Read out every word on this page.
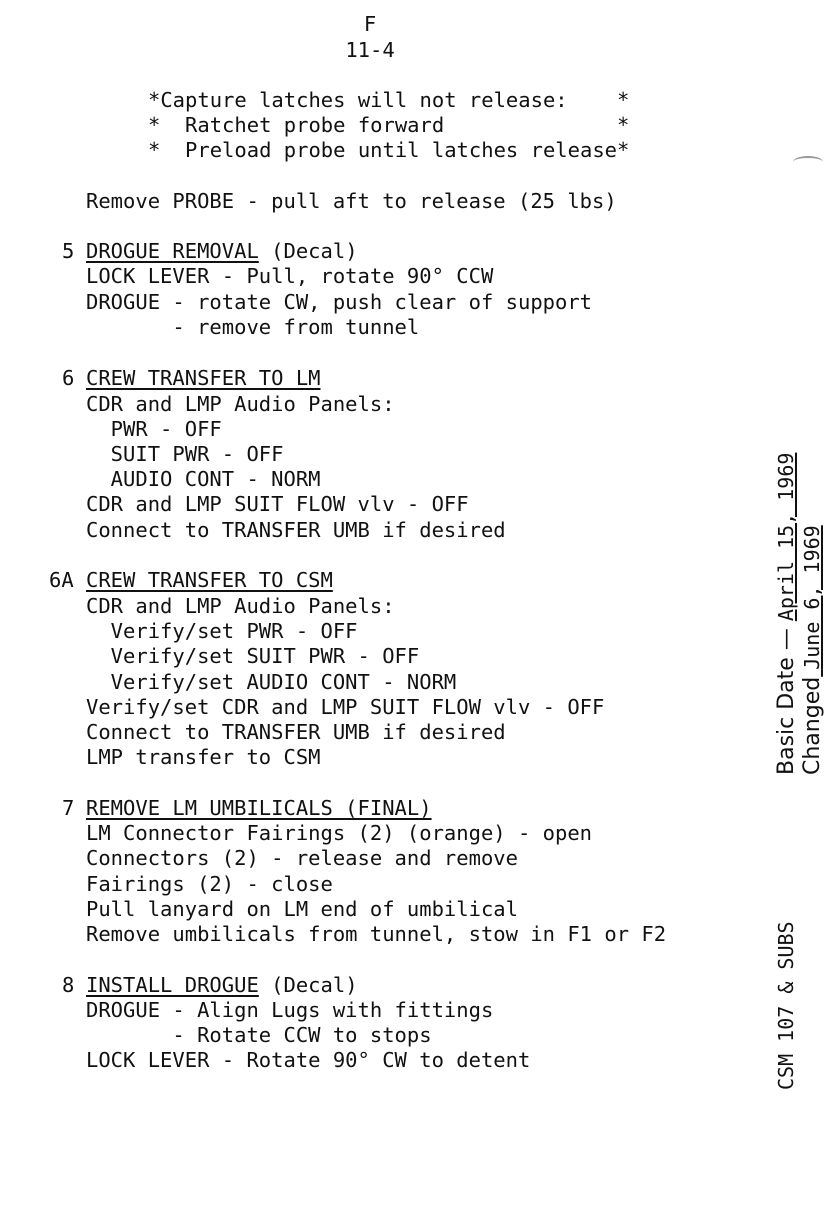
F
11-4
*Capture latches will not release:    *
*  Ratchet probe forward              *
*  Preload probe until latches release*
Remove PROBE - pull aft to release (25 lbs)
5 DROGUE REMOVAL (Decal)
LOCK LEVER - Pull, rotate 90° CCW
DROGUE - rotate CW, push clear of support
- remove from tunnel
6 CREW TRANSFER TO LM
CDR and LMP Audio Panels:
PWR - OFF
SUIT PWR - OFF
AUDIO CONT - NORM
CDR and LMP SUIT FLOW vlv - OFF
Connect to TRANSFER UMB if desired
6A CREW TRANSFER TO CSM
CDR and LMP Audio Panels:
Verify/set PWR - OFF
Verify/set SUIT PWR - OFF
Verify/set AUDIO CONT - NORM
Verify/set CDR and LMP SUIT FLOW vlv - OFF
Connect to TRANSFER UMB if desired
LMP transfer to CSM
7 REMOVE LM UMBILICALS (FINAL)
LM Connector Fairings (2) (orange) - open
Connectors (2) - release and remove
Fairings (2) - close
Pull lanyard on LM end of umbilical
Remove umbilicals from tunnel, stow in F1 or F2
8 INSTALL DROGUE (Decal)
DROGUE - Align Lugs with fittings
- Rotate CCW to stops
LOCK LEVER - Rotate 90° CW to detent
Basic Date — April 15, 1969
Changed June 6, 1969
CSM 107 & SUBS
